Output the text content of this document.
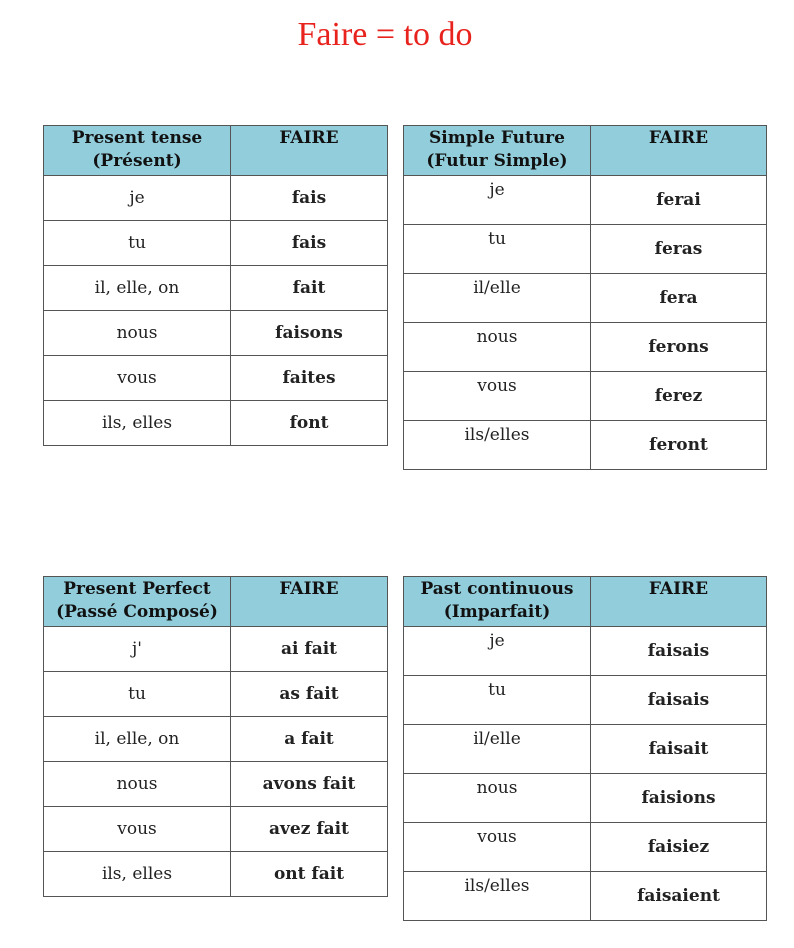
Faire = to do
Present tense
(Présent)	FAIRE
je	fais
tu	fais
il, elle, on	fait
nous	faisons
vous	faites
ils, elles	font
Simple Future
(Futur Simple)	FAIRE
je	ferai
tu	feras
il/elle	fera
nous	ferons
vous	ferez
ils/elles	feront
Present Perfect
(Passé Composé)	FAIRE
j'	ai fait
tu	as fait
il, elle, on	a fait
nous	avons fait
vous	avez fait
ils, elles	ont fait
Past continuous
(Imparfait)	FAIRE
je	faisais
tu	faisais
il/elle	faisait
nous	faisions
vous	faisiez
ils/elles	faisaient
